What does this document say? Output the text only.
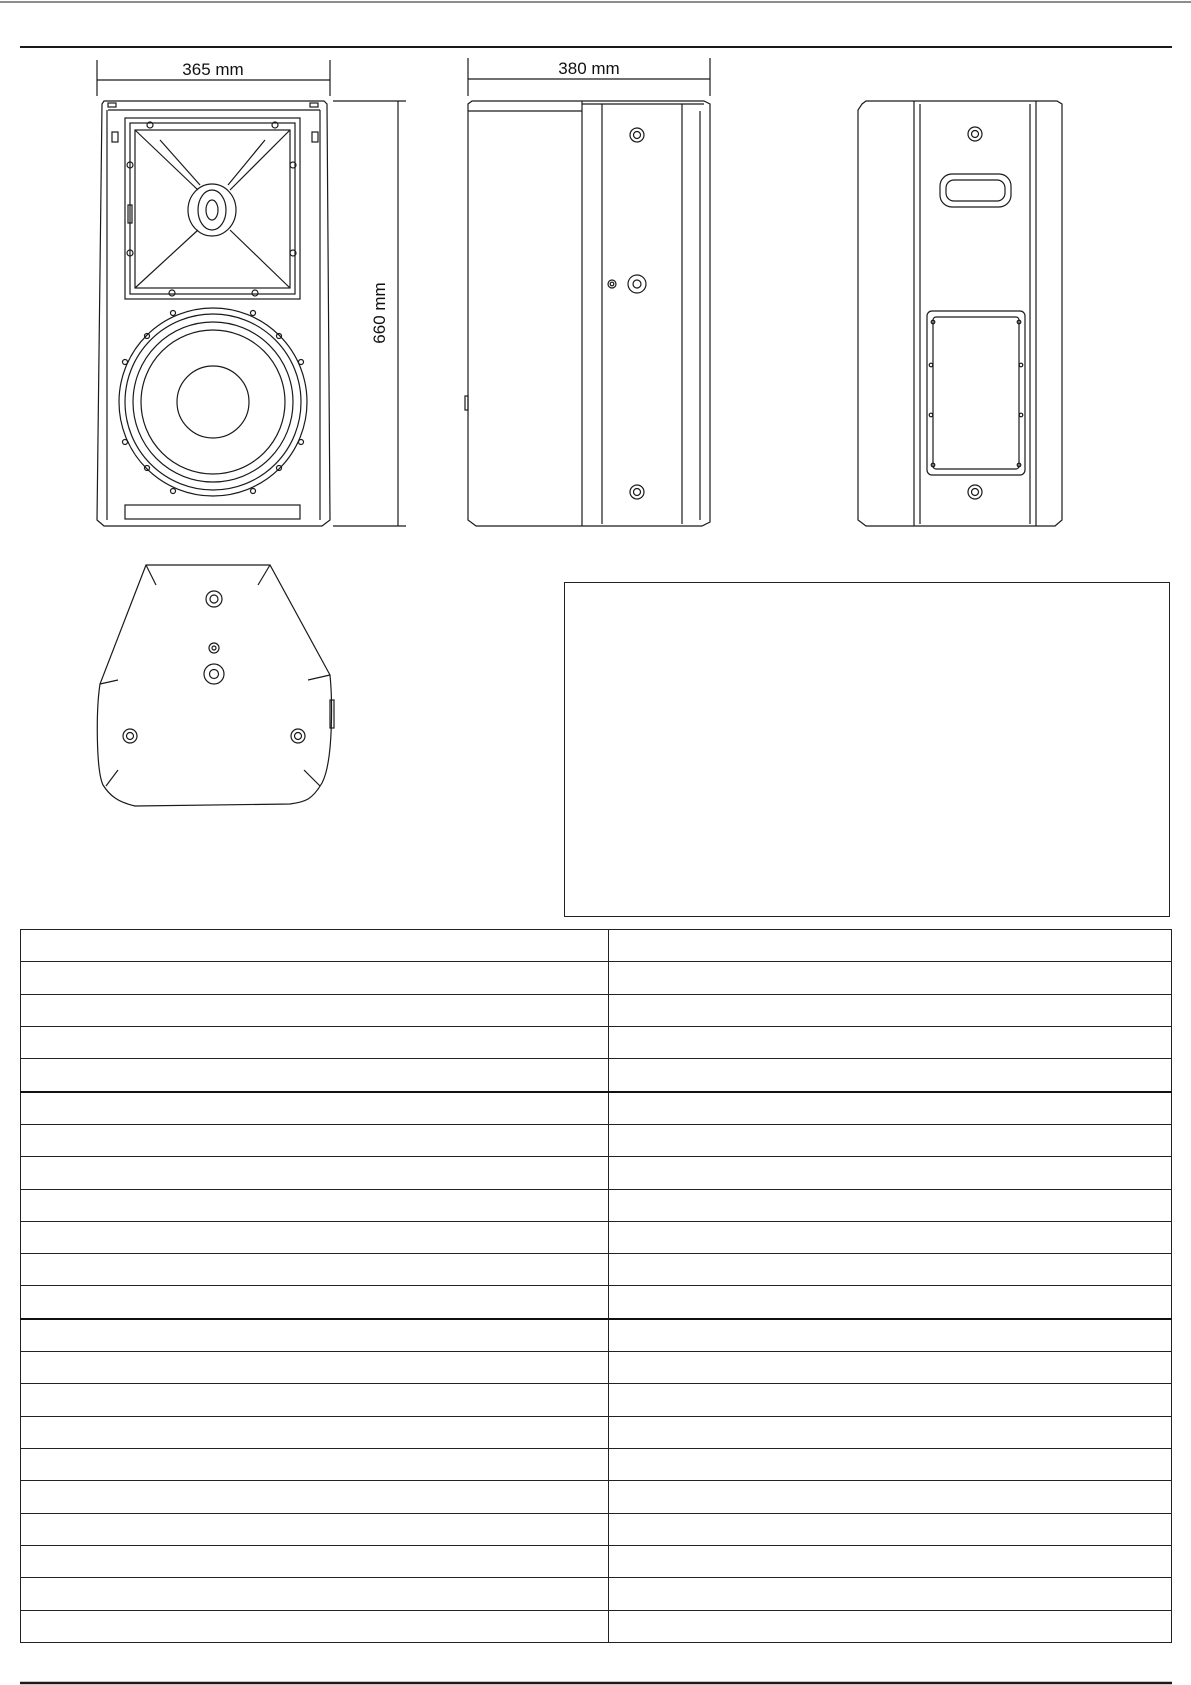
365 mm
660 mm
380 mm
